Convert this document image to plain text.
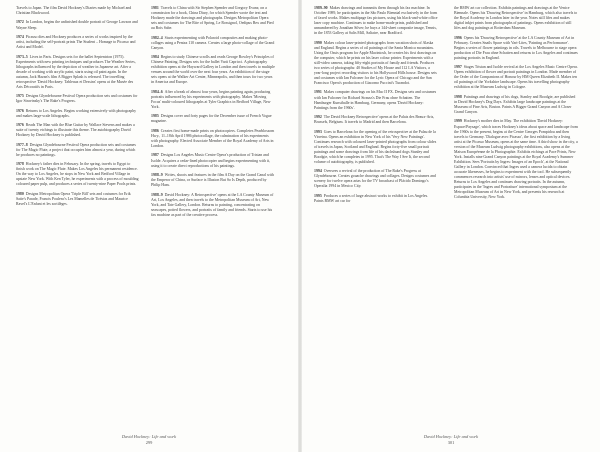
Travels to Japan. The film David Hockney's Diaries made by Michael and Christian Blackwood.

1972 In London, begins the unfinished double portrait of George Lawson and Wayne Sleep.

1974 Picasso dies and Hockney produces a series of works inspired by the artist, including the self-portrait prints The Student – Homage to Picasso and Artist and Model.

1973–5 Lives in Paris. Designs sets for the ballet Septentrion (1975). Experiments with new printing techniques and produces The Weather Series, lithographs influenced by the depiction of weather in Japanese art. After a decade of working with acrylic paint, starts using oil paint again. In the autumn, Jack Hazan's film A Bigger Splash is released. The travelling retrospective 'David Hockney: Tableaux et Dessins' opens at the Musée des Arts Décoratifs in Paris.

1975 Designs Glyndebourne Festival Opera production sets and costumes for Igor Stravinsky's The Rake's Progress.

1976 Returns to Los Angeles. Begins working extensively with photography and makes large-scale lithographs.

1976 Reads The Man with the Blue Guitar by Wallace Stevens and makes a suite of twenty etchings to illustrate this theme. The autobiography David Hockney by David Hockney is published.

1977–8 Designs Glyndebourne Festival Opera production sets and costumes for The Magic Flute, a project that occupies him almost a year, during which he produces no paintings.

1978 Hockney's father dies in February. In the spring, travels to Egypt to finish work on The Magic Flute. Makes Los Angeles his permanent residence. On the way to Los Angeles, he stops in New York and Bedford Village in upstate New York. With Ken Tyler, he experiments with a process of moulding coloured paper pulp, and produces a series of twenty-nine Paper Pools prints.

1980 Designs Metropolitan Opera 'Triple Bill' sets and costumes for Erik Satie's Parade, Francis Poulenc's Les Mamelles de Tirésias and Maurice Ravel's L'Enfant et les sortilèges.

1981 Travels to China with Sir Stephen Spender and Gregory Evans; on a commission for a book, China Diary, for which Spender wrote the text and Hockney made the drawings and photographs. Designs Metropolitan Opera sets and costumes for The Rite of Spring, Le Rossignol, Oedipus Rex and Pied au Bois Sabe.

1982–4 Starts experimenting with Polaroid composites and making photo-collages using a Pentax 110 camera. Creates a large photo-collage of the Grand Canyon.

1984 Begins to study Chinese scrolls and reads George Rowley's Principles of Chinese Painting. Designs sets for the ballet Varii Capricci. A photography exhibition opens at the Hayward Gallery in London and then travels to multiple venues around the world over the next four years. An exhibition of the stage sets opens at the Walker Art Center, Minneapolis, and then tours for two years in America and Europe.

1984–6 After a break of almost four years, begins painting again, producing portraits influenced by his experiments with photography. Makes 'Moving Focus' multi-coloured lithographs at Tyler Graphics in Bedford Village, New York.

1985 Designs cover and forty pages for the December issue of French Vogue magazine.

1986 Creates first home-made prints on photocopiers. Completes Pearblossom Hwy., 11–18th April 1986 photocollage, the culmination of his experiments with photography. Elected Associate Member of the Royal Academy of Arts in London.

1987 Designs Los Angeles Music Centre Opera's production of Tristan and Isolde. Acquires a cedar-lined photocopier and begins experimenting with it, using it to create direct reproductions of his paintings.

1988–9 Writes, shoots and features in the film A Day on the Grand Canal with the Emperor of China, or Surface is Illusion But So Is Depth, produced by Philip Haas.

1988–9 David Hockney: A Retrospective' opens at the LA County Museum of Art, Los Angeles, and then travels to the Metropolitan Museum of Art, New York, and Tate Gallery, London. Returns to painting, concentrating on seascapes, potted flowers, and portraits of family and friends. Starts to use his fax machine as part of the creative process.

David Hockney: Life and work
299

1989–90 Makes drawings and transmits them through his fax machine. In October 1989, he participates in the São Paulo Biennial exclusively in the form of faxed works. Makes multipage fax pictures, using his black-and-white office laser copy machine. Continues to make home-made prints, published and unnumbered by Jonathan Silver; he buys a 144-sheet composite image, Tennis, in the 1853 Gallery at Salts Mill, Saltaire, near Bradford.

1990 Makes colour laser-printed photographs from vacation shots of Alaska and England. Begins a series of oil paintings of the Santa Monica mountains. Using the Oasis program for Apple Macintosh, he creates his first drawings on the computer, which he prints on his laser colour printer. Experiments with a still-video camera, taking fifty-eight portraits of family and friends. Produces two series of photographs: 40 Studies of My House and 112 LA Visitors, a year-long project recording visitors to his Hollywood Hills house. Designs sets and costumes with Ian Falconer for the Lyric Opera of Chicago and the San Francisco Opera's production of Giacomo Puccini's Turandot.

1991 Makes computer drawings on his Mac II FX. Designs sets and costumes with Ian Falconer for Richard Strauss's Die Frau ohne Schatten. The Hamburger Kunsthalle in Hamburg, Germany, opens 'David Hockney: Paintings from the 1960s'.

1992 The David Hockney Retrospective' opens at the Palais des Beaux-Arts, Brussels, Belgium. It travels to Madrid and then Barcelona.

1993 Goes to Barcelona for the opening of the retrospective at the Palau de la Virreina. Opens an exhibition in New York of his 'Very New Paintings'. Continues research with coloured laser-printed photographs from colour slides of travels in Japan, Scotland and England. Begins forty-five small portrait paintings and some drawings from life of his dachshund dogs Stanley and Boodgie, which he completes in 1995. That's The Way I See It, the second volume of autobiography, is published.

1994 Oversees a revival of the production of The Rake's Progress at Glyndebourne. Creates gouache drawings and collages. Designs costumes and scenery for twelve opera arias for the TV broadcast of Plácido Domingo's Operalia 1994 in Mexico City.

1995 Produces a series of large abstract works to exhibit in Los Angeles. Paints BMW art car for

the BMW art car collection. Exhibits paintings and drawings at the Venice Biennale. Opens his 'Drawing Retrospective' in Hamburg, which also travels to the Royal Academy in London later in the year. Notes still lifes and makes digital inkjet prints from photographs of paintings. Opens exhibition of still lifes and dog paintings at Rotterdam Museum.

1996 Opens his 'Drawing Retrospective' at the LA County Museum of Art in February. Creates Snails Space with Vari-Lites, 'Painting as Performance'. Begins a series of flower paintings in oils. Travels to Melbourne to stage opera production of Die Frau ohne Schatten and returns to Los Angeles and continues painting portraits in England.

1997 Stages Tristan and Isolde revival at the Los Angeles Music Centre Opera. Opens exhibition of flower and portrait paintings in London. Made member of the Order of the Companions of Honour by HM Queen Elizabeth II. Makes ten oil paintings of the Yorkshire landscape. Opens his travelling photography exhibition at the Museum Ludwig in Cologne.

1998 Paintings and drawings of his dogs, Stanley and Boodgie, are published in David Hockney's Dog Days. Exhibits large landscape paintings at the Museum of Fine Arts, Boston. Paints A Bigger Grand Canyon and A Closer Grand Canyon.

1999 Hockney's mother dies in May. The exhibition 'David Hockney: Espace/Paysage', which traces Hockney's ideas about space and landscape from the 1960s to the present, begins at the Centre Georges Pompidou and then travels to Germany. 'Dialogue avec Picasso', the first exhibition by a living artist at the Picasso Museum, opens at the same time. A third show in the city, a version of the Museum Ludwig photography exhibitions, also opens at the Maison Européenne de la Photographie. Exhibits etchings at Pace Prints, New York. Installs nine Grand Canyon paintings at the Royal Academy's Summer Exhibition. Sees 'Portraits by Ingres: Images of an Epoch', at the National Gallery in London. Convinced that Ingres used a camera lucida to obtain accurate likenesses, he begins to experiment with the tool. He subsequently commences research into artists' use of mirrors, lenses and optical devices. Returns to Los Angeles and continues drawing portraits. In the autumn, participates in the 'Ingres and Portraiture' international symposium at the Metropolitan Museum of Art in New York, and presents his research at Columbia University, New York.

David Hockney: Life and work
301
